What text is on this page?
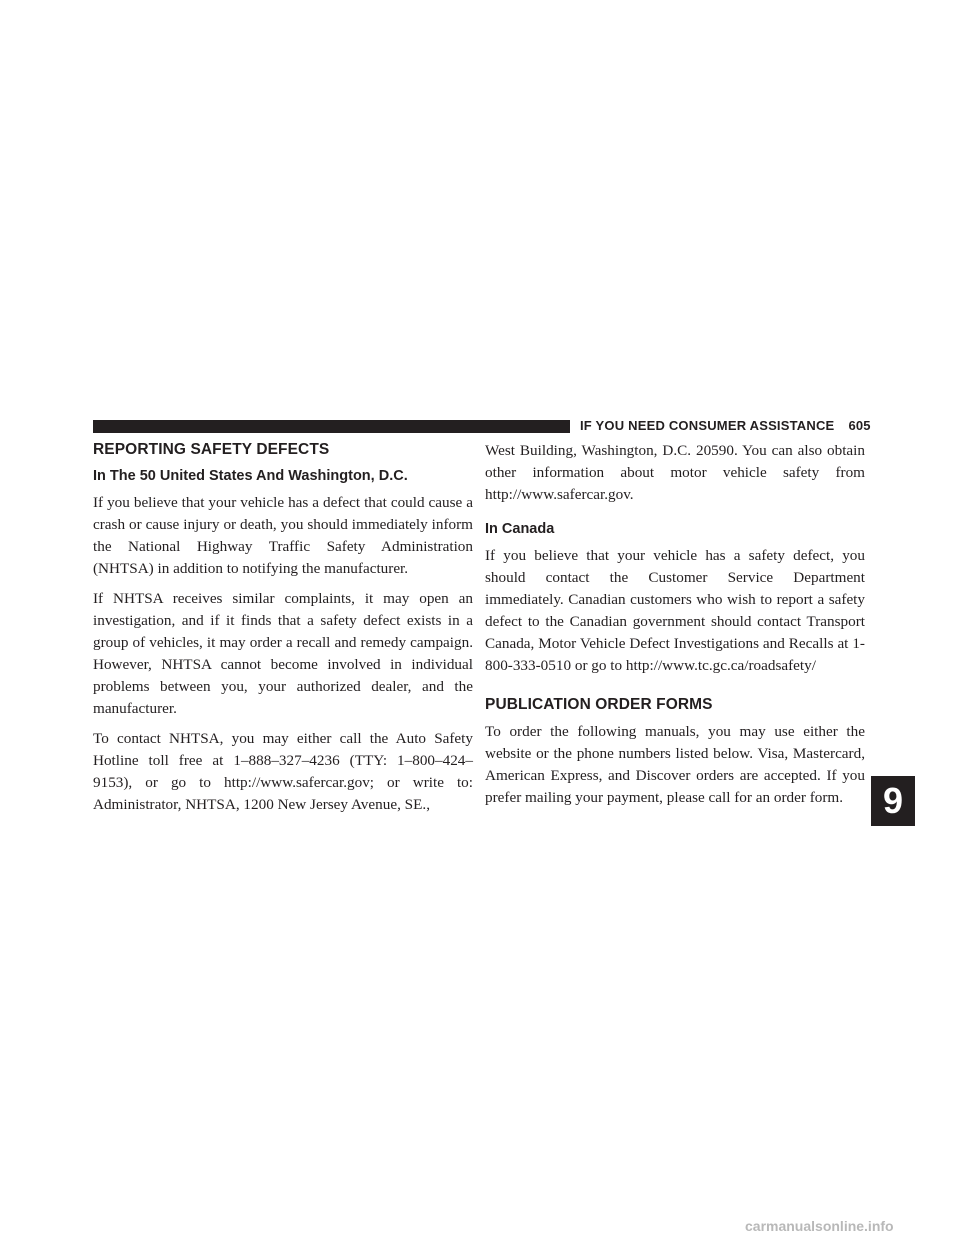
IF YOU NEED CONSUMER ASSISTANCE 605
REPORTING SAFETY DEFECTS
In The 50 United States And Washington, D.C.

If you believe that your vehicle has a defect that could cause a crash or cause injury or death, you should immediately inform the National Highway Traffic Safety Administration (NHTSA) in addition to notifying the manufacturer.

If NHTSA receives similar complaints, it may open an investigation, and if it finds that a safety defect exists in a group of vehicles, it may order a recall and remedy campaign. However, NHTSA cannot become involved in individual problems between you, your authorized dealer, and the manufacturer.

To contact NHTSA, you may either call the Auto Safety Hotline toll free at 1–888–327–4236 (TTY: 1–800–424–9153), or go to http://www.safercar.gov; or write to: Administrator, NHTSA, 1200 New Jersey Avenue, SE.,

West Building, Washington, D.C. 20590. You can also obtain other information about motor vehicle safety from http://www.safercar.gov.

In Canada

If you believe that your vehicle has a safety defect, you should contact the Customer Service Department immediately. Canadian customers who wish to report a safety defect to the Canadian government should contact Transport Canada, Motor Vehicle Defect Investigations and Recalls at 1-800-333-0510 or go to http://www.tc.gc.ca/roadsafety/

PUBLICATION ORDER FORMS

To order the following manuals, you may use either the website or the phone numbers listed below. Visa, Mastercard, American Express, and Discover orders are accepted. If you prefer mailing your payment, please call for an order form.	9
carmanualsonline.info
